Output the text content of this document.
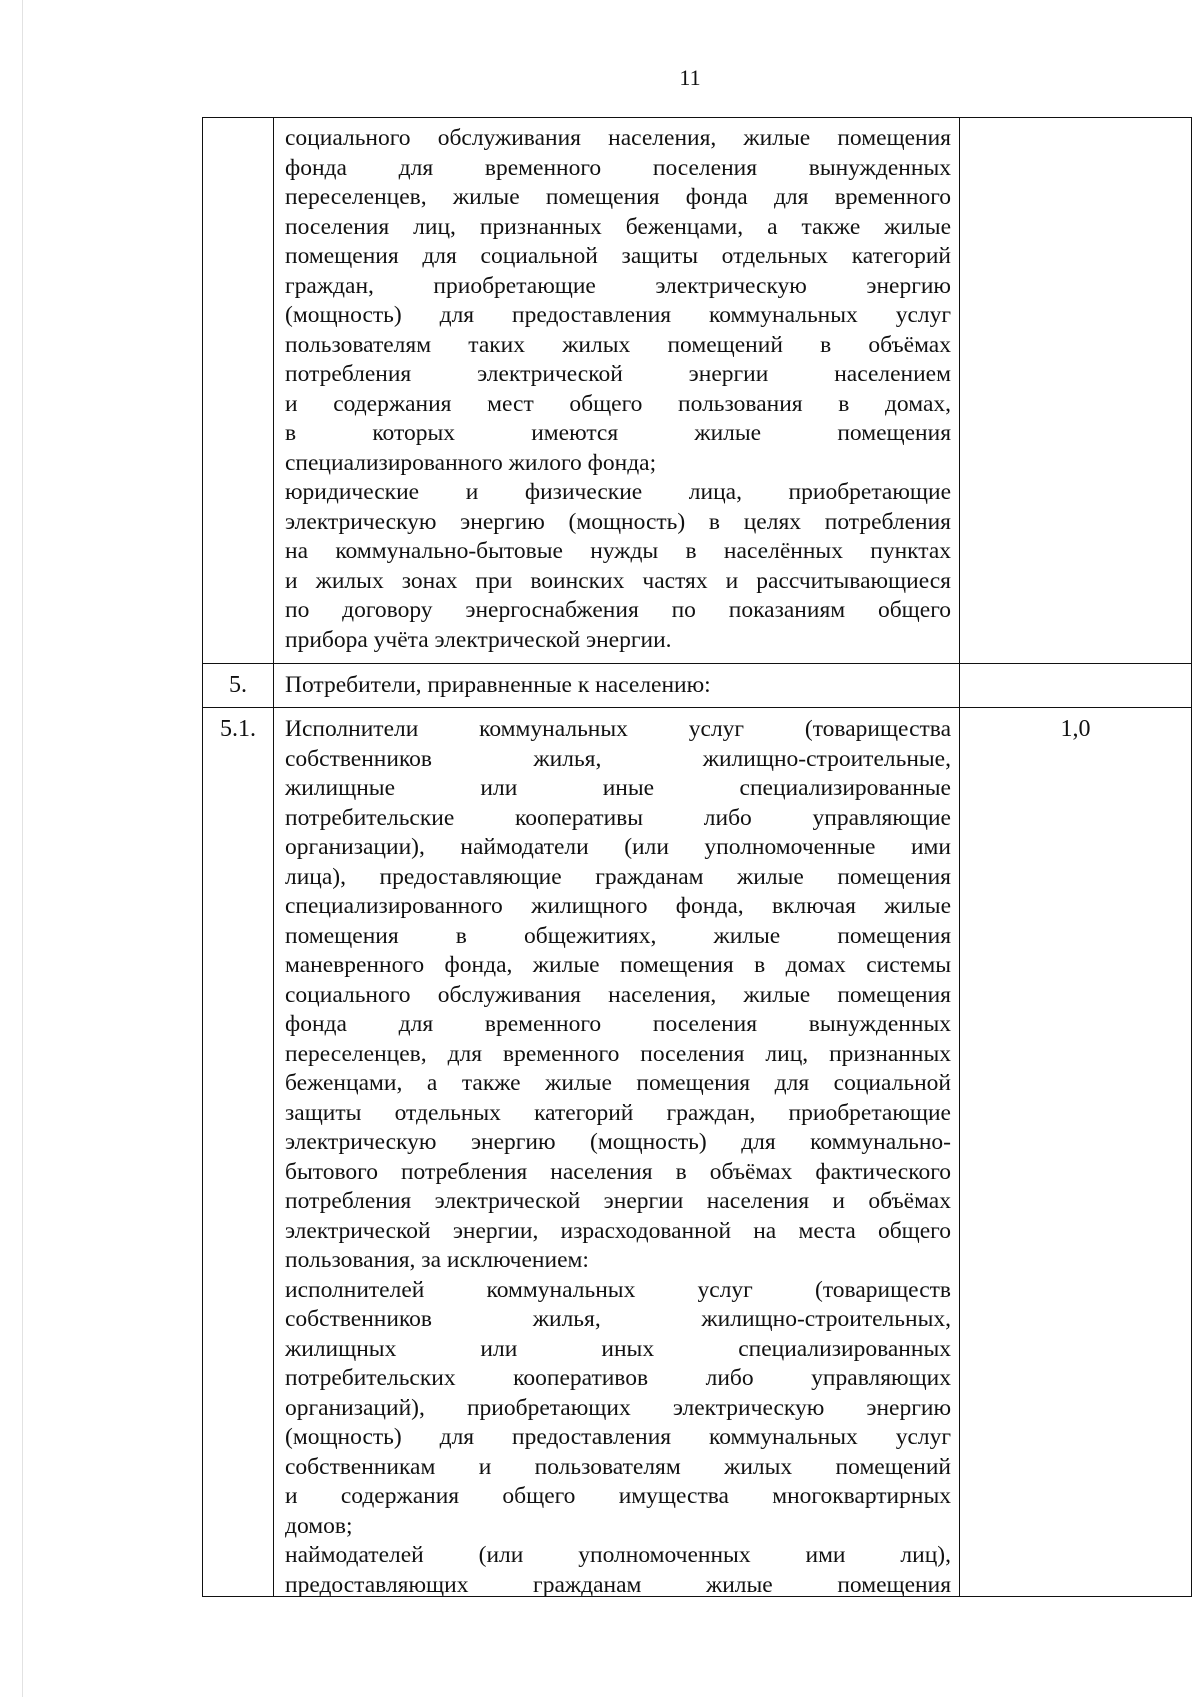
11
социального обслуживания населения, жилые помещения
фонда для временного поселения вынужденных
переселенцев, жилые помещения фонда для временного
поселения лиц, признанных беженцами, а также жилые
помещения для социальной защиты отдельных категорий
граждан, приобретающие электрическую энергию
(мощность) для предоставления коммунальных услуг
пользователям таких жилых помещений в объёмах
потребления электрической энергии населением
и содержания мест общего пользования в домах,
в которых имеются жилые помещения
специализированного жилого фонда;
юридические и физические лица, приобретающие
электрическую энергию (мощность) в целях потребления
на коммунально-бытовые нужды в населённых пунктах
и жилых зонах при воинских частях и рассчитывающиеся
по договору энергоснабжения по показаниям общего
прибора учёта электрической энергии.
5.	Потребители, приравненные к населению:
5.1.	Исполнители коммунальных услуг (товарищества
собственников жилья, жилищно-строительные,
жилищные или иные специализированные
потребительские кооперативы либо управляющие
организации), наймодатели (или уполномоченные ими
лица), предоставляющие гражданам жилые помещения
специализированного жилищного фонда, включая жилые
помещения в общежитиях, жилые помещения
маневренного фонда, жилые помещения в домах системы
социального обслуживания населения, жилые помещения
фонда для временного поселения вынужденных
переселенцев, для временного поселения лиц, признанных
беженцами, а также жилые помещения для социальной
защиты отдельных категорий граждан, приобретающие
электрическую энергию (мощность) для коммунально-
бытового потребления населения в объёмах фактического
потребления электрической энергии населения и объёмах
электрической энергии, израсходованной на места общего
пользования, за исключением:
исполнителей коммунальных услуг (товариществ
собственников жилья, жилищно-строительных,
жилищных или иных специализированных
потребительских кооперативов либо управляющих
организаций), приобретающих электрическую энергию
(мощность) для предоставления коммунальных услуг
собственникам и пользователям жилых помещений
и содержания общего имущества многоквартирных
домов;
наймодателей (или уполномоченных ими лиц),
предоставляющих гражданам жилые помещения
1,0
